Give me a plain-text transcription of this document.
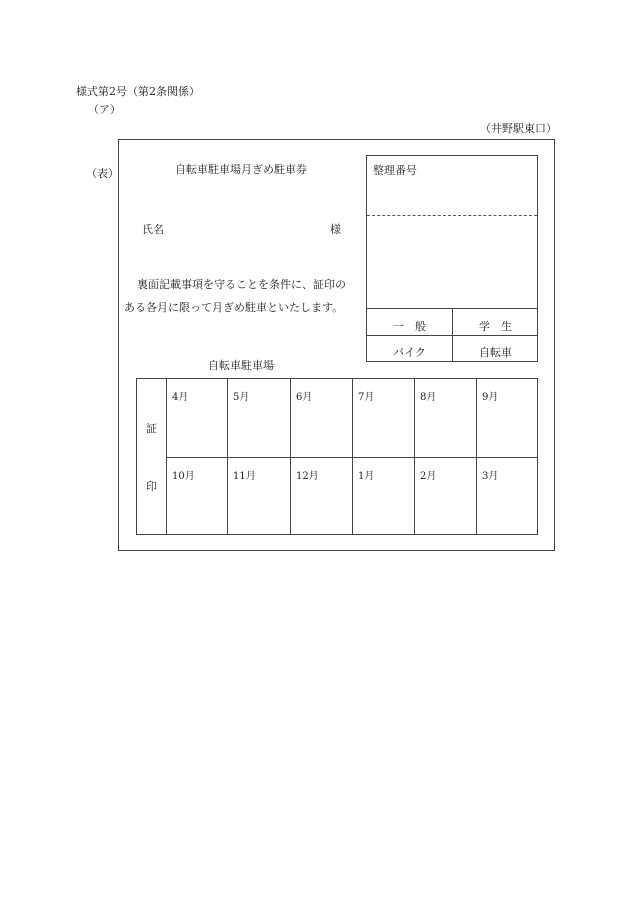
様式第2号（第2条関係）
（ア）
（井野駅東口）
（表）	自転車駐車場月ぎめ駐車券
氏名	様
裏面記載事項を守ることを条件に、証印の
ある各月に限って月ぎめ駐車といたします。
整理番号
一　般	学　生
バイク	自転車
自転車駐車場
証
印
4月	5月	6月	7月	8月	9月
10月	11月	12月	1月	2月	3月
